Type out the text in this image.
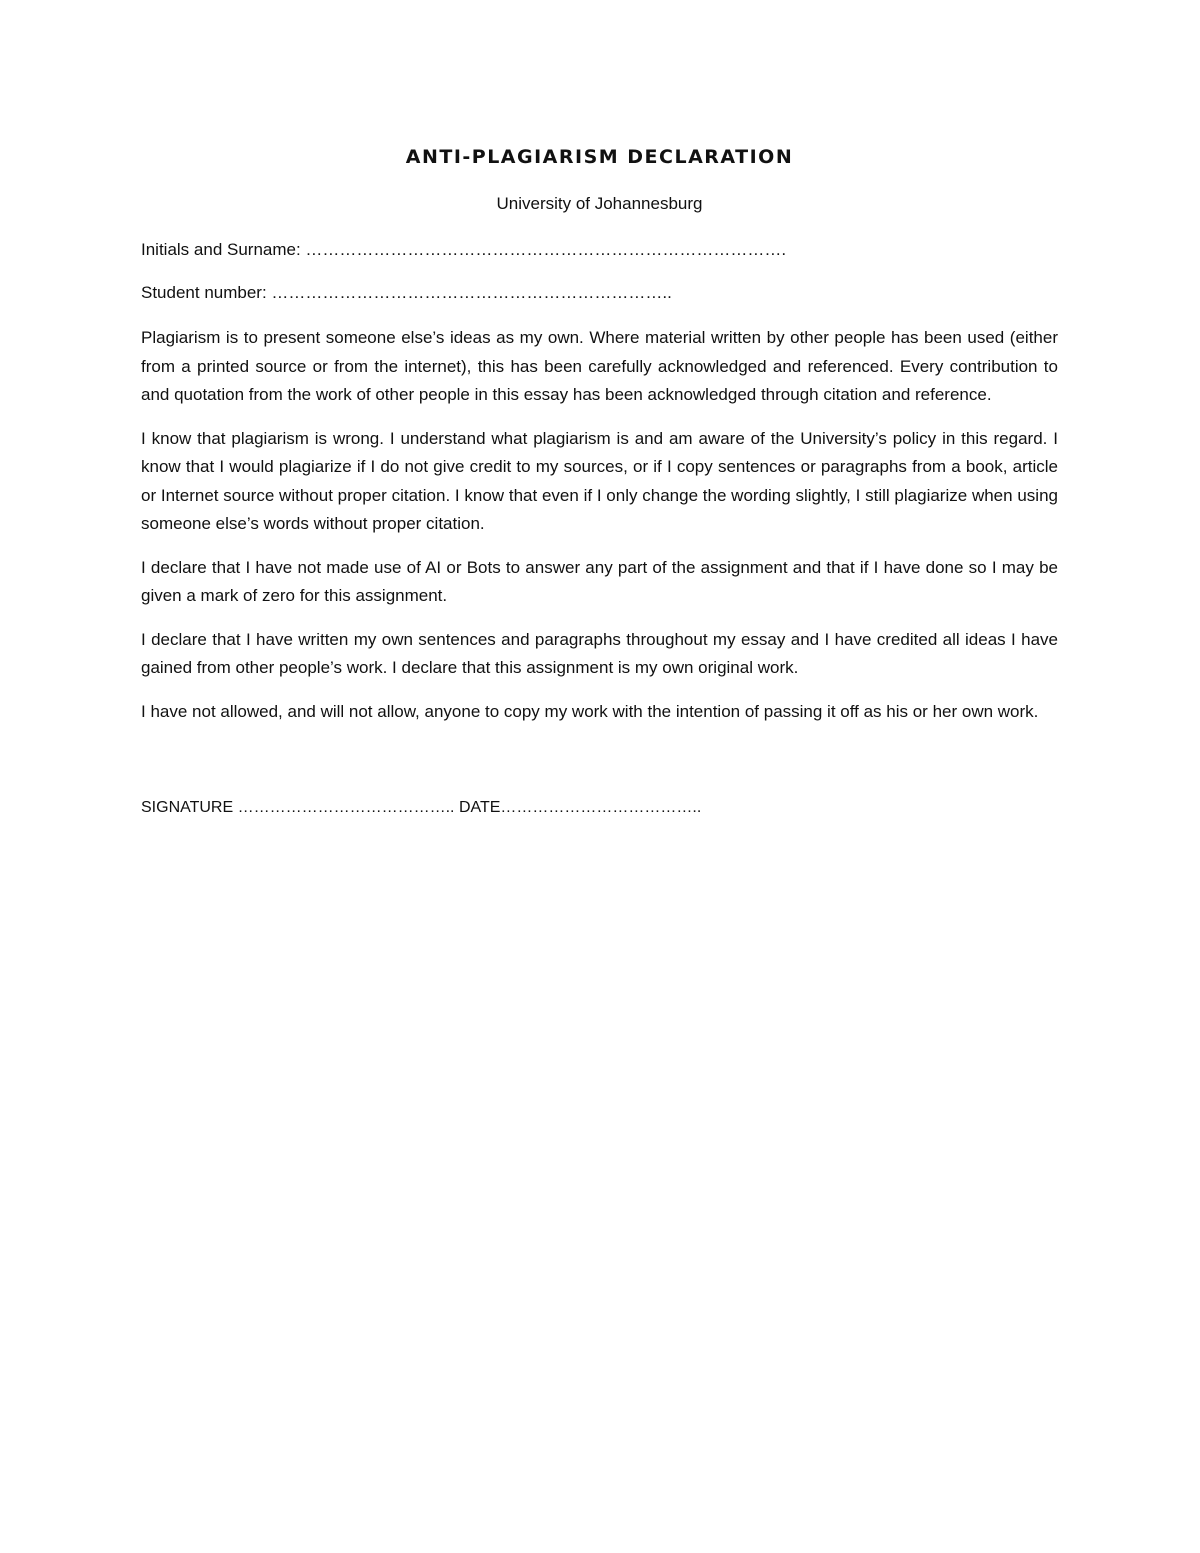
ANTI-PLAGIARISM DECLARATION
University of Johannesburg
Initials and Surname: ………………………………………………………………………….
Student number: ……………………………………………………………..

Plagiarism is to present someone else’s ideas as my own. Where material written by other people has been used (either from a printed source or from the internet), this has been carefully acknowledged and referenced. Every contribution to and quotation from the work of other people in this essay has been acknowledged through citation and reference.

I know that plagiarism is wrong. I understand what plagiarism is and am aware of the University’s policy in this regard. I know that I would plagiarize if I do not give credit to my sources, or if I copy sentences or paragraphs from a book, article or Internet source without proper citation. I know that even if I only change the wording slightly, I still plagiarize when using someone else’s words without proper citation.

I declare that I have not made use of AI or Bots to answer any part of the assignment and that if I have done so I may be given a mark of zero for this assignment.

I declare that I have written my own sentences and paragraphs throughout my essay and I have credited all ideas I have gained from other people’s work. I declare that this assignment is my own original work.

I have not allowed, and will not allow, anyone to copy my work with the intention of passing it off as his or her own work.

SIGNATURE ………………………………….. DATE………………………………..
